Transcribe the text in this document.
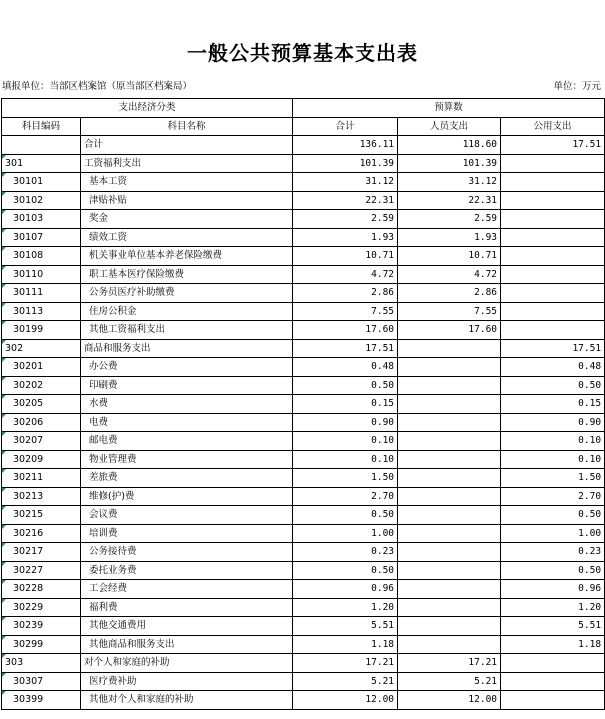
一般公共预算基本支出表
填报单位：当部区档案馆（原当部区档案局）	单位：万元
支出经济分类		预算数		
科目编码	科目名称	合计	人员支出	公用支出
	合计	136.11	118.60	17.51
301	工资福利支出	101.39	101.39	
30101	基本工资	31.12	31.12	
30102	津贴补贴	22.31	22.31	
30103	奖金	2.59	2.59	
30107	绩效工资	1.93	1.93	
30108	机关事业单位基本养老保险缴费	10.71	10.71	
30110	职工基本医疗保险缴费	4.72	4.72	
30111	公务员医疗补助缴费	2.86	2.86	
30113	住房公积金	7.55	7.55	
30199	其他工资福利支出	17.60	17.60	
302	商品和服务支出	17.51		17.51
30201	办公费	0.48		0.48
30202	印刷费	0.50		0.50
30205	水费	0.15		0.15
30206	电费	0.90		0.90
30207	邮电费	0.10		0.10
30209	物业管理费	0.10		0.10
30211	差旅费	1.50		1.50
30213	维修(护)费	2.70		2.70
30215	会议费	0.50		0.50
30216	培训费	1.00		1.00
30217	公务接待费	0.23		0.23
30227	委托业务费	0.50		0.50
30228	工会经费	0.96		0.96
30229	福利费	1.20		1.20
30239	其他交通费用	5.51		5.51
30299	其他商品和服务支出	1.18		1.18
303	对个人和家庭的补助	17.21	17.21	
30307	医疗费补助	5.21	5.21	
30399	其他对个人和家庭的补助	12.00	12.00	
